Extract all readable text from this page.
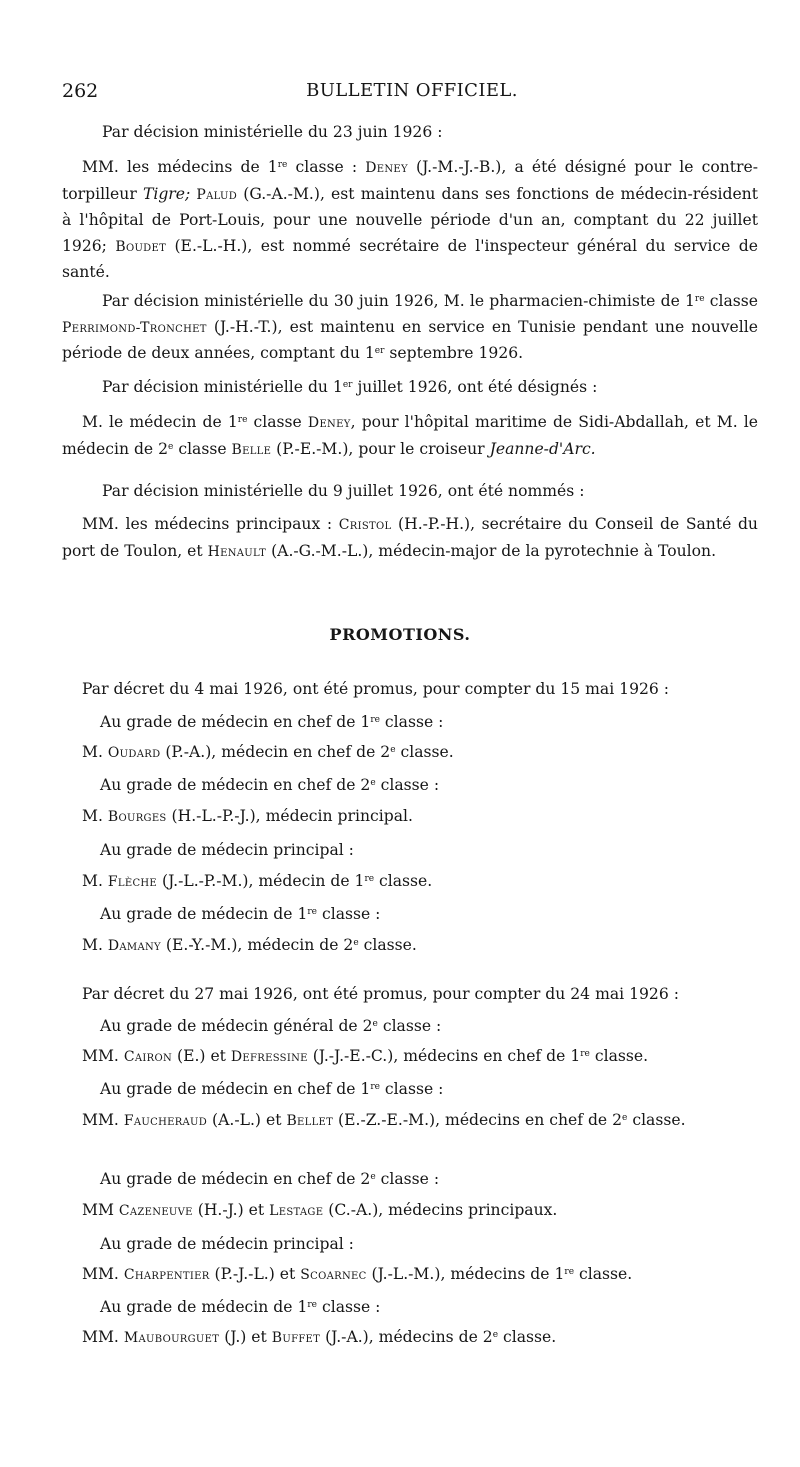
262	BULLETIN OFFICIEL.
Par décision ministérielle du 23 juin 1926 :
MM. les médecins de 1re classe : Deney (J.-M.-J.-B.), a été désigné pour le contre-torpilleur Tigre; Palud (G.-A.-M.), est maintenu dans ses fonctions de médecin-résident à l'hôpital de Port-Louis, pour une nouvelle période d'un an, comptant du 22 juillet 1926; Boudet (E.-L.-H.), est nommé secrétaire de l'inspecteur général du service de santé.
Par décision ministérielle du 30 juin 1926, M. le pharmacien-chimiste de 1re classe Perrimond-Tronchet (J.-H.-T.), est maintenu en service en Tunisie pendant une nouvelle période de deux années, comptant du 1er septembre 1926.
Par décision ministérielle du 1er juillet 1926, ont été désignés :
M. le médecin de 1re classe Deney, pour l'hôpital maritime de Sidi-Abdallah, et M. le médecin de 2e classe Belle (P.-E.-M.), pour le croiseur Jeanne-d'Arc.
Par décision ministérielle du 9 juillet 1926, ont été nommés :
MM. les médecins principaux : Cristol (H.-P.-H.), secrétaire du Conseil de Santé du port de Toulon, et Henault (A.-G.-M.-L.), médecin-major de la pyrotechnie à Toulon.
PROMOTIONS.
Par décret du 4 mai 1926, ont été promus, pour compter du 15 mai 1926 :
Au grade de médecin en chef de 1re classe :
M. Oudard (P.-A.), médecin en chef de 2e classe.
Au grade de médecin en chef de 2e classe :
M. Bourges (H.-L.-P.-J.), médecin principal.
Au grade de médecin principal :
M. Flèche (J.-L.-P.-M.), médecin de 1re classe.
Au grade de médecin de 1re classe :
M. Damany (E.-Y.-M.), médecin de 2e classe.
Par décret du 27 mai 1926, ont été promus, pour compter du 24 mai 1926 :
Au grade de médecin général de 2e classe :
MM. Cairon (E.) et Defressine (J.-J.-E.-C.), médecins en chef de 1re classe.
Au grade de médecin en chef de 1re classe :
MM. Faucheraud (A.-L.) et Bellet (E.-Z.-E.-M.), médecins en chef de 2e classe.
Au grade de médecin en chef de 2e classe :
MM Cazeneuve (H.-J.) et Lestage (C.-A.), médecins principaux.
Au grade de médecin principal :
MM. Charpentier (P.-J.-L.) et Scoarnec (J.-L.-M.), médecins de 1re classe.
Au grade de médecin de 1re classe :
MM. Maubourguet (J.) et Buffet (J.-A.), médecins de 2e classe.
